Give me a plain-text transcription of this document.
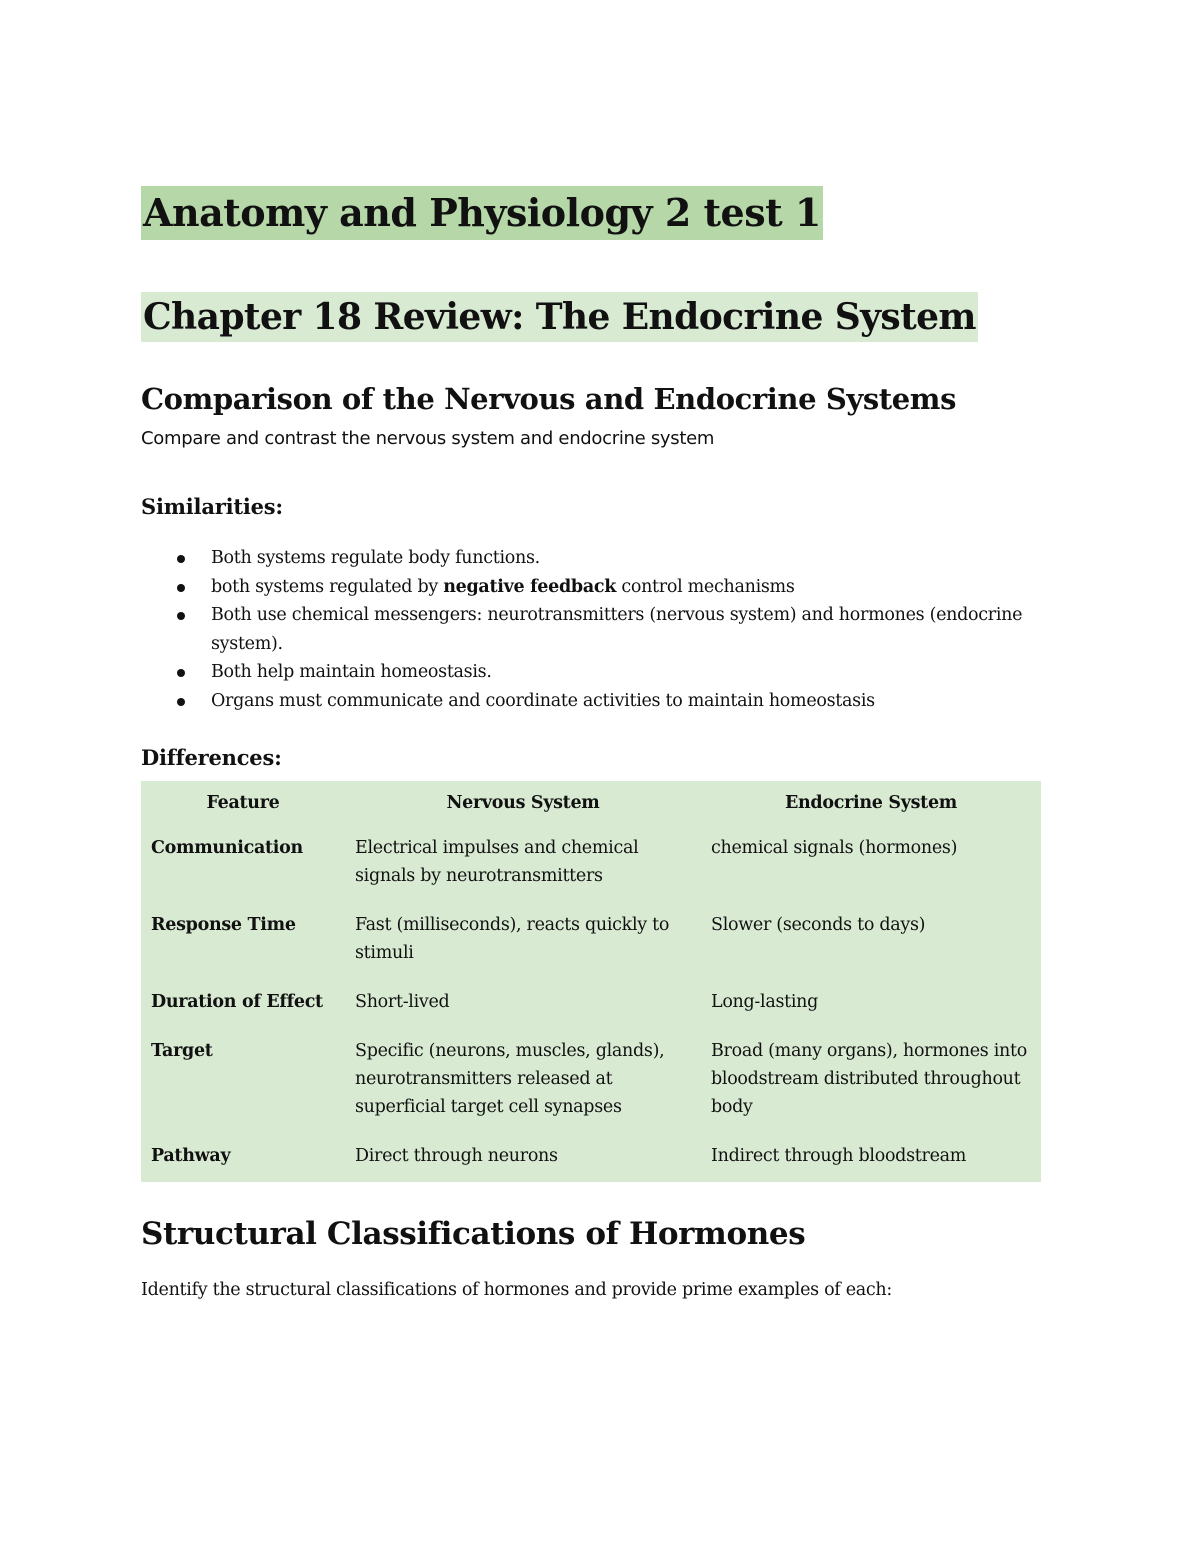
Anatomy and Physiology 2 test 1
Chapter 18 Review: The Endocrine System
Comparison of the Nervous and Endocrine Systems

Compare and contrast the nervous system and endocrine system

Similarities:
Both systems regulate body functions.
both systems regulated by negative feedback control mechanisms
Both use chemical messengers: neurotransmitters (nervous system) and hormones (endocrine system).
Both help maintain homeostasis.
Organs must communicate and coordinate activities to maintain homeostasis
Differences:
Feature	Nervous System	Endocrine System
Communication	Electrical impulses and chemical signals by neurotransmitters	chemical signals (hormones)
Response Time	Fast (milliseconds), reacts quickly to stimuli	Slower (seconds to days)
Duration of Effect	Short-lived	Long-lasting
Target	Specific (neurons, muscles, glands), neurotransmitters released at superficial target cell synapses	Broad (many organs), hormones into bloodstream distributed throughout body
Pathway	Direct through neurons	Indirect through bloodstream
Structural Classifications of Hormones

Identify the structural classifications of hormones and provide prime examples of each:
